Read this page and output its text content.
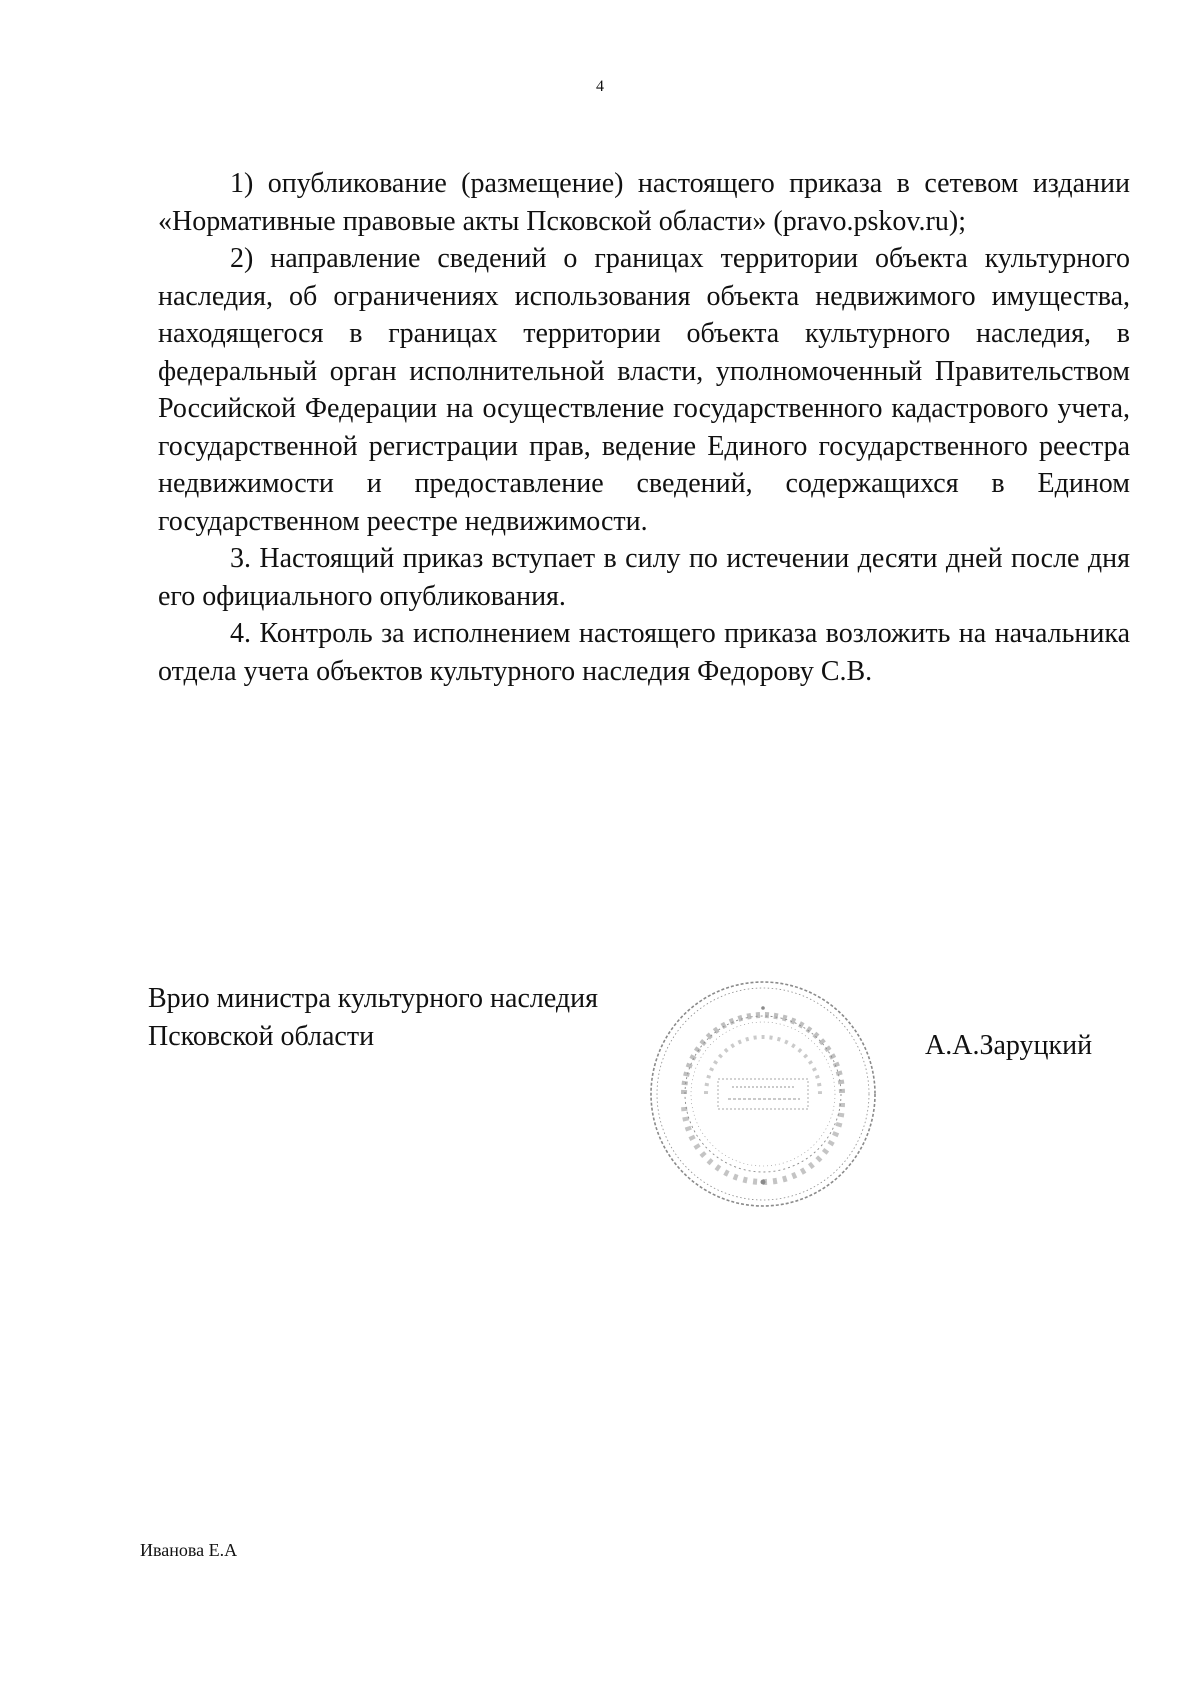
4

1) опубликование (размещение) настоящего приказа в сетевом издании «Нормативные правовые акты Псковской области» (pravo.pskov.ru);

2) направление сведений о границах территории объекта культурного наследия, об ограничениях использования объекта недвижимого имущества, находящегося в границах территории объекта культурного наследия, в федеральный орган исполнительной власти, уполномоченный Правительством Российской Федерации на осуществление государственного кадастрового учета, государственной регистрации прав, ведение Единого государственного реестра недвижимости и предоставление сведений, содержащихся в Едином государственном реестре недвижимости.

3. Настоящий приказ вступает в силу по истечении десяти дней после дня его официального опубликования.

4. Контроль за исполнением настоящего приказа возложить на начальника отдела учета объектов культурного наследия Федорову С.В.

Врио министра культурного наследия
Псковской области	А.А.Заруцкий
Иванова Е.А
